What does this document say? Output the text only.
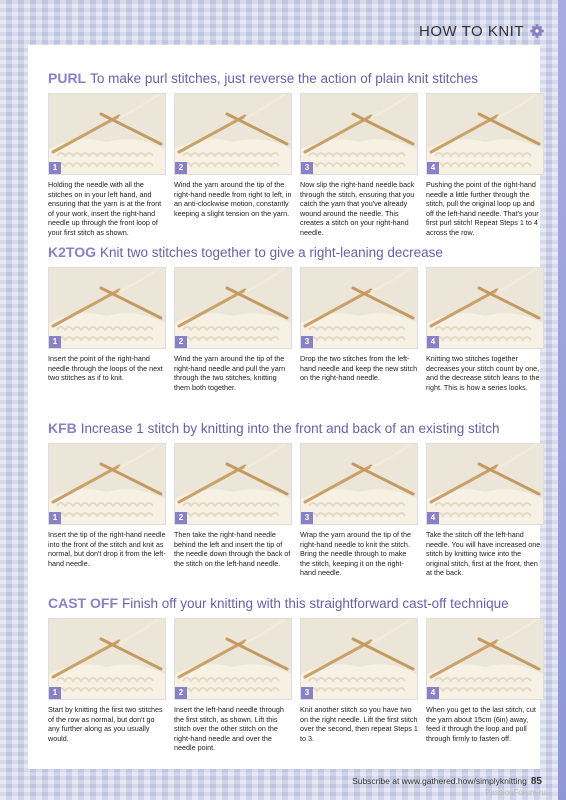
HOW TO KNIT
PURL To make purl stitches, just reverse the action of plain knit stitches
1
Holding the needle with all the stitches on in your left hand, and ensuring that the yarn is at the front of your work, insert the right-hand needle up through the front loop of your first stitch as shown.
2
Wind the yarn around the tip of the right-hand needle from right to left, in an anti-clockwise motion, constantly keeping a slight tension on the yarn.
3
Now slip the right-hand needle back through the stitch, ensuring that you catch the yarn that you've already wound around the needle. This creates a stitch on your right-hand needle.
4
Pushing the point of the right-hand needle a little further through the stitch, pull the original loop up and off the left-hand needle. That's your first purl stitch! Repeat Steps 1 to 4 across the row.
K2TOG Knit two stitches together to give a right-leaning decrease
1
Insert the point of the right-hand needle through the loops of the next two stitches as if to knit.
2
Wind the yarn around the tip of the right-hand needle and pull the yarn through the two stitches, knitting them both together.
3
Drop the two stitches from the left-hand needle and keep the new stitch on the right-hand needle.
4
Knitting two stitches together decreases your stitch count by one, and the decrease stitch leans to the right. This is how a series looks.
KFB Increase 1 stitch by knitting into the front and back of an existing stitch
1
Insert the tip of the right-hand needle into the front of the stitch and knit as normal, but don't drop it from the left-hand needle.
2
Then take the right-hand needle behind the left and insert the tip of the needle down through the back of the stitch on the left-hand needle.
3
Wrap the yarn around the tip of the right-hand needle to knit the stitch. Bring the needle through to make the stitch, keeping it on the right-hand needle.
4
Take the stitch off the left-hand needle. You will have increased one stitch by knitting twice into the original stitch, first at the front, then at the back.
CAST OFF Finish off your knitting with this straightforward cast-off technique
1
Start by knitting the first two stitches of the row as normal, but don't go any further along as you usually would.
2
Insert the left-hand needle through the first stitch, as shown. Lift this stitch over the other stitch on the right-hand needle and over the needle point.
3
Knit another stitch so you have two on the right needle. Lift the first stitch over the second, then repeat Steps 1 to 3.
4
When you get to the last stitch, cut the yarn about 15cm (6in) away, feed it through the loop and pull through firmly to fasten off.
Subscribe at www.gathered.how/simplyknitting 85
PassionForum.ru
